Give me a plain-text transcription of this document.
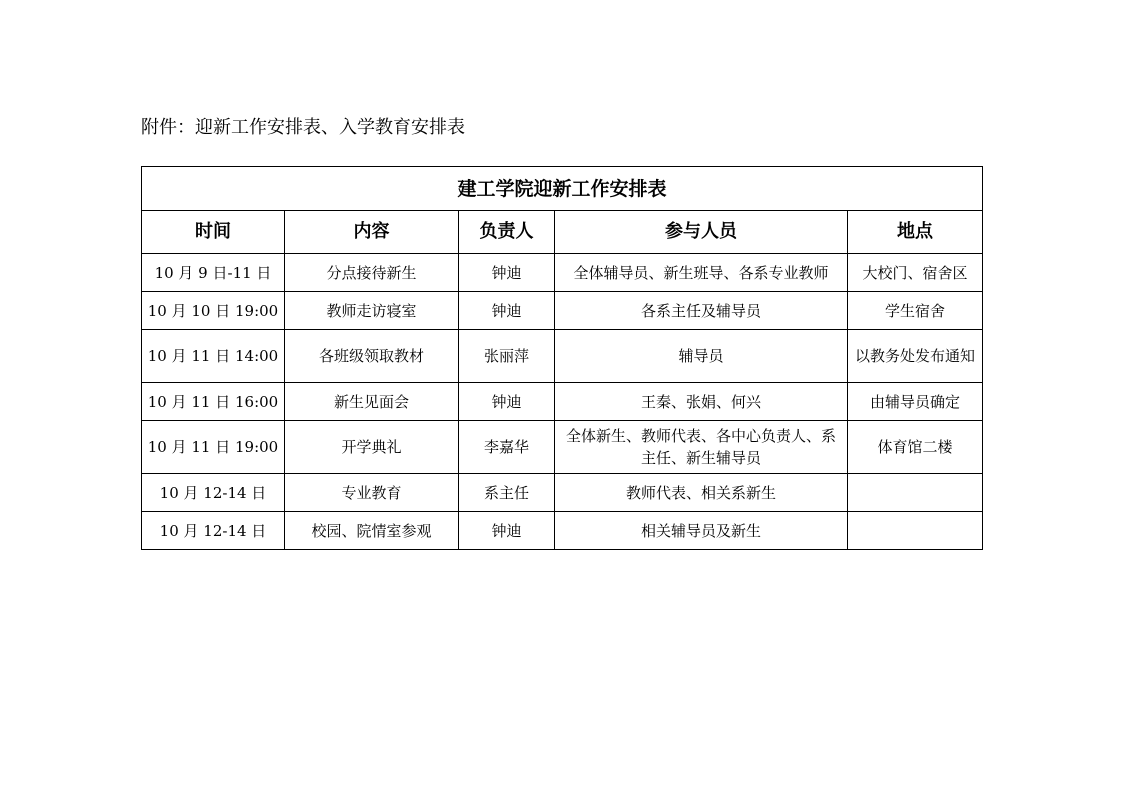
附件：迎新工作安排表、入学教育安排表
建工学院迎新工作安排表				
时间	内容	负责人	参与人员	地点
10 月 9 日-11 日	分点接待新生	钟迪	全体辅导员、新生班导、各系专业教师	大校门、宿舍区
10 月 10 日 19:00	教师走访寝室	钟迪	各系主任及辅导员	学生宿舍
10 月 11 日 14:00	各班级领取教材	张丽萍	辅导员	以教务处发布通知
10 月 11 日 16:00	新生见面会	钟迪	王秦、张娟、何兴	由辅导员确定
10 月 11 日 19:00	开学典礼	李嘉华	全体新生、教师代表、各中心负责人、系主任、新生辅导员	体育馆二楼
10 月 12-14 日	专业教育	系主任	教师代表、相关系新生	
10 月 12-14 日	校园、院情室参观	钟迪	相关辅导员及新生	
